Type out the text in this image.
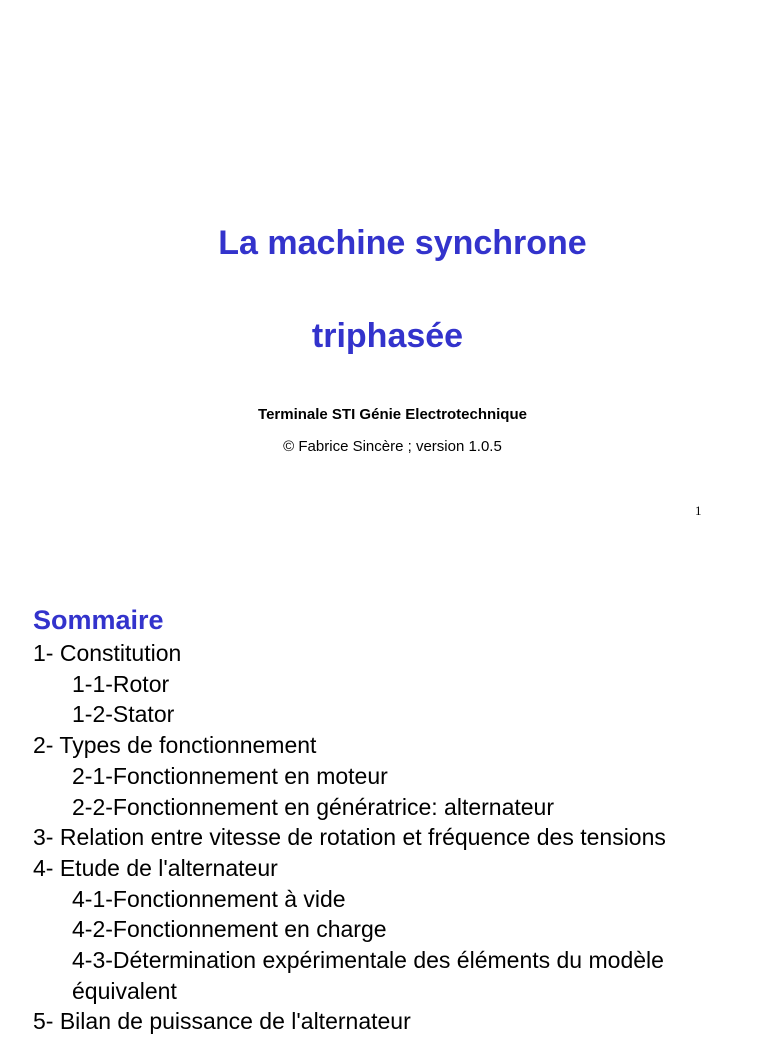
La machine synchrone
triphasée

Terminale STI Génie Electrotechnique

© Fabrice Sincère ; version 1.0.5

1
Sommaire
1- Constitution
1-1-Rotor
1-2-Stator
2- Types de fonctionnement
2-1-Fonctionnement en moteur
2-2-Fonctionnement en génératrice: alternateur
3- Relation entre vitesse de rotation et fréquence des tensions
4- Etude de l'alternateur
4-1-Fonctionnement à vide
4-2-Fonctionnement en charge
4-3-Détermination expérimentale des éléments du modèle équivalent
5- Bilan de puissance de l'alternateur
